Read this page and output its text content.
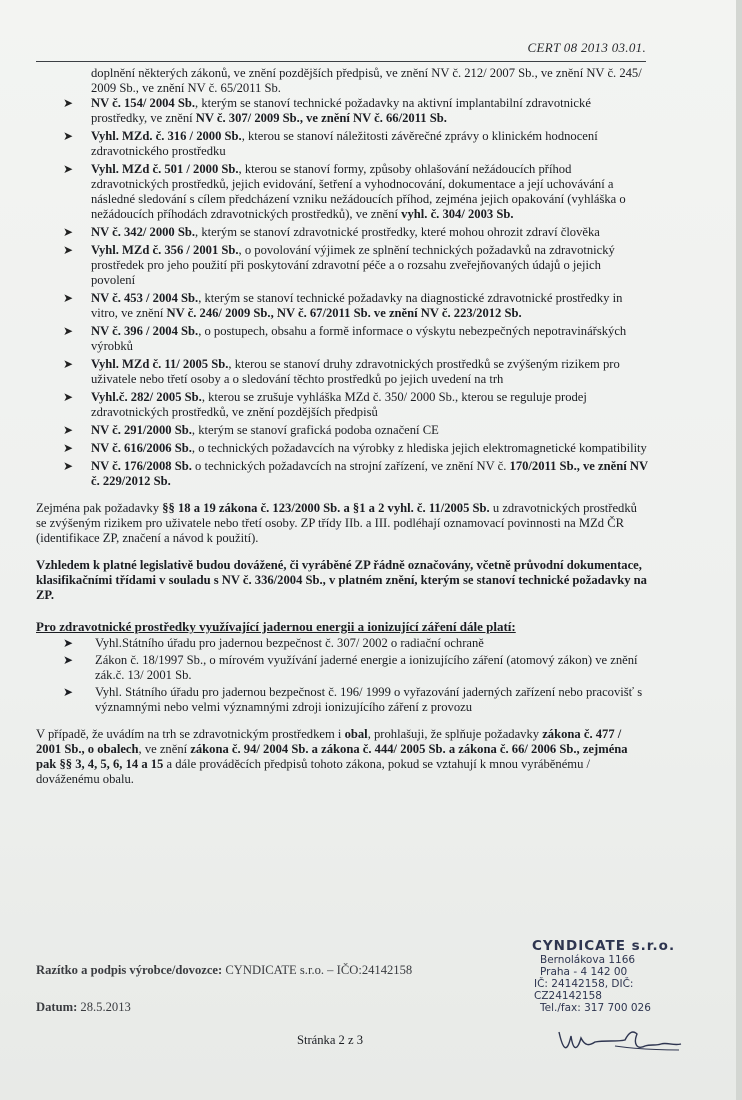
CERT 08 2013 03.01.

doplnění některých zákonů, ve znění pozdějších předpisů, ve znění NV č. 212/ 2007 Sb., ve znění NV č. 245/ 2009 Sb., ve znění NV č. 65/2011 Sb.

➤ NV č. 154/ 2004 Sb., kterým se stanoví technické požadavky na aktivní implantabilní zdravotnické prostředky, ve znění NV č. 307/ 2009 Sb., ve znění NV č. 66/2011 Sb.
➤ Vyhl. MZd. č. 316 / 2000 Sb., kterou se stanoví náležitosti závěrečné zprávy o klinickém hodnocení zdravotnického prostředku
➤ Vyhl. MZd č. 501 / 2000 Sb., kterou se stanoví formy, způsoby ohlašování nežádoucích příhod zdravotnických prostředků, jejich evidování, šetření a vyhodnocování, dokumentace a její uchovávání a následné sledování s cílem předcházení vzniku nežádoucích příhod, zejména jejich opakování (vyhláška o nežádoucích příhodách zdravotnických prostředků), ve znění vyhl. č. 304/ 2003 Sb.
➤ NV č. 342/ 2000 Sb., kterým se stanoví zdravotnické prostředky, které mohou ohrozit zdraví člověka
➤ Vyhl. MZd č. 356 / 2001 Sb., o povolování výjimek ze splnění technických požadavků na zdravotnický prostředek pro jeho použití při poskytování zdravotní péče a o rozsahu zveřejňovaných údajů o jejich povolení
➤ NV č. 453 / 2004 Sb., kterým se stanoví technické požadavky na diagnostické zdravotnické prostředky in vitro, ve znění NV č. 246/ 2009 Sb., NV č. 67/2011 Sb. ve znění NV č. 223/2012 Sb.
➤ NV č. 396 / 2004 Sb., o postupech, obsahu a formě informace o výskytu nebezpečných nepotravinářských výrobků
➤ Vyhl. MZd č. 11/ 2005 Sb., kterou se stanoví druhy zdravotnických prostředků se zvýšeným rizikem pro uživatele nebo třetí osoby a o sledování těchto prostředků po jejich uvedení na trh
➤ Vyhl.č. 282/ 2005 Sb., kterou se zrušuje vyhláška MZd č. 350/ 2000 Sb., kterou se reguluje prodej zdravotnických prostředků, ve znění pozdějších předpisů
➤ NV č. 291/2000 Sb., kterým se stanoví grafická podoba označení CE
➤ NV č. 616/2006 Sb., o technických požadavcích na výrobky z hlediska jejich elektromagnetické kompatibility
➤ NV č. 176/2008 Sb. o technických požadavcích na strojní zařízení, ve znění NV č. 170/2011 Sb., ve znění NV č. 229/2012 Sb.

Zejména pak požadavky §§ 18 a 19 zákona č. 123/2000 Sb. a §1 a 2 vyhl. č. 11/2005 Sb. u zdravotnických prostředků se zvýšeným rizikem pro uživatele nebo třetí osoby. ZP třídy IIb. a III. podléhají oznamovací povinnosti na MZd ČR (identifikace ZP, značení a návod k použití).

Vzhledem k platné legislativě budou dovážené, či vyráběné ZP řádně označovány, včetně průvodní dokumentace, klasifikačními třídami v souladu s NV č. 336/2004 Sb., v platném znění, kterým se stanoví technické požadavky na ZP.

Pro zdravotnické prostředky využívající jadernou energii a ionizující záření dále platí:
➤ Vyhl.Státního úřadu pro jadernou bezpečnost č. 307/ 2002 o radiační ochraně
➤ Zákon č. 18/1997 Sb., o mírovém využívání jaderné energie a ionizujícího záření (atomový zákon) ve znění zák.č. 13/ 2001 Sb.
➤ Vyhl. Státního úřadu pro jadernou bezpečnost č. 196/ 1999 o vyřazování jaderných zařízení nebo pracovišť s významnými nebo velmi významnými zdroji ionizujícího záření z provozu

V případě, že uvádím na trh se zdravotnickým prostředkem i obal, prohlašuji, že splňuje požadavky zákona č. 477 / 2001 Sb., o obalech, ve znění zákona č. 94/ 2004 Sb. a zákona č. 444/ 2005 Sb. a zákona č. 66/ 2006 Sb., zejména pak §§ 3, 4, 5, 6, 14 a 15 a dále prováděcích předpisů tohoto zákona, pokud se vztahují k mnou vyráběnému / dováženému obalu.

Razítko a podpis výrobce/dovozce: CYNDICATE s.r.o. – IČO:24142158
Datum: 28.5.2013
CYNDICATE s.r.o.
Bernolákova 1166
Praha - 4 142 00
IČ: 24142158, DIČ: CZ24142158
Tel./fax: 317 700 026
Stránka 2 z 3
